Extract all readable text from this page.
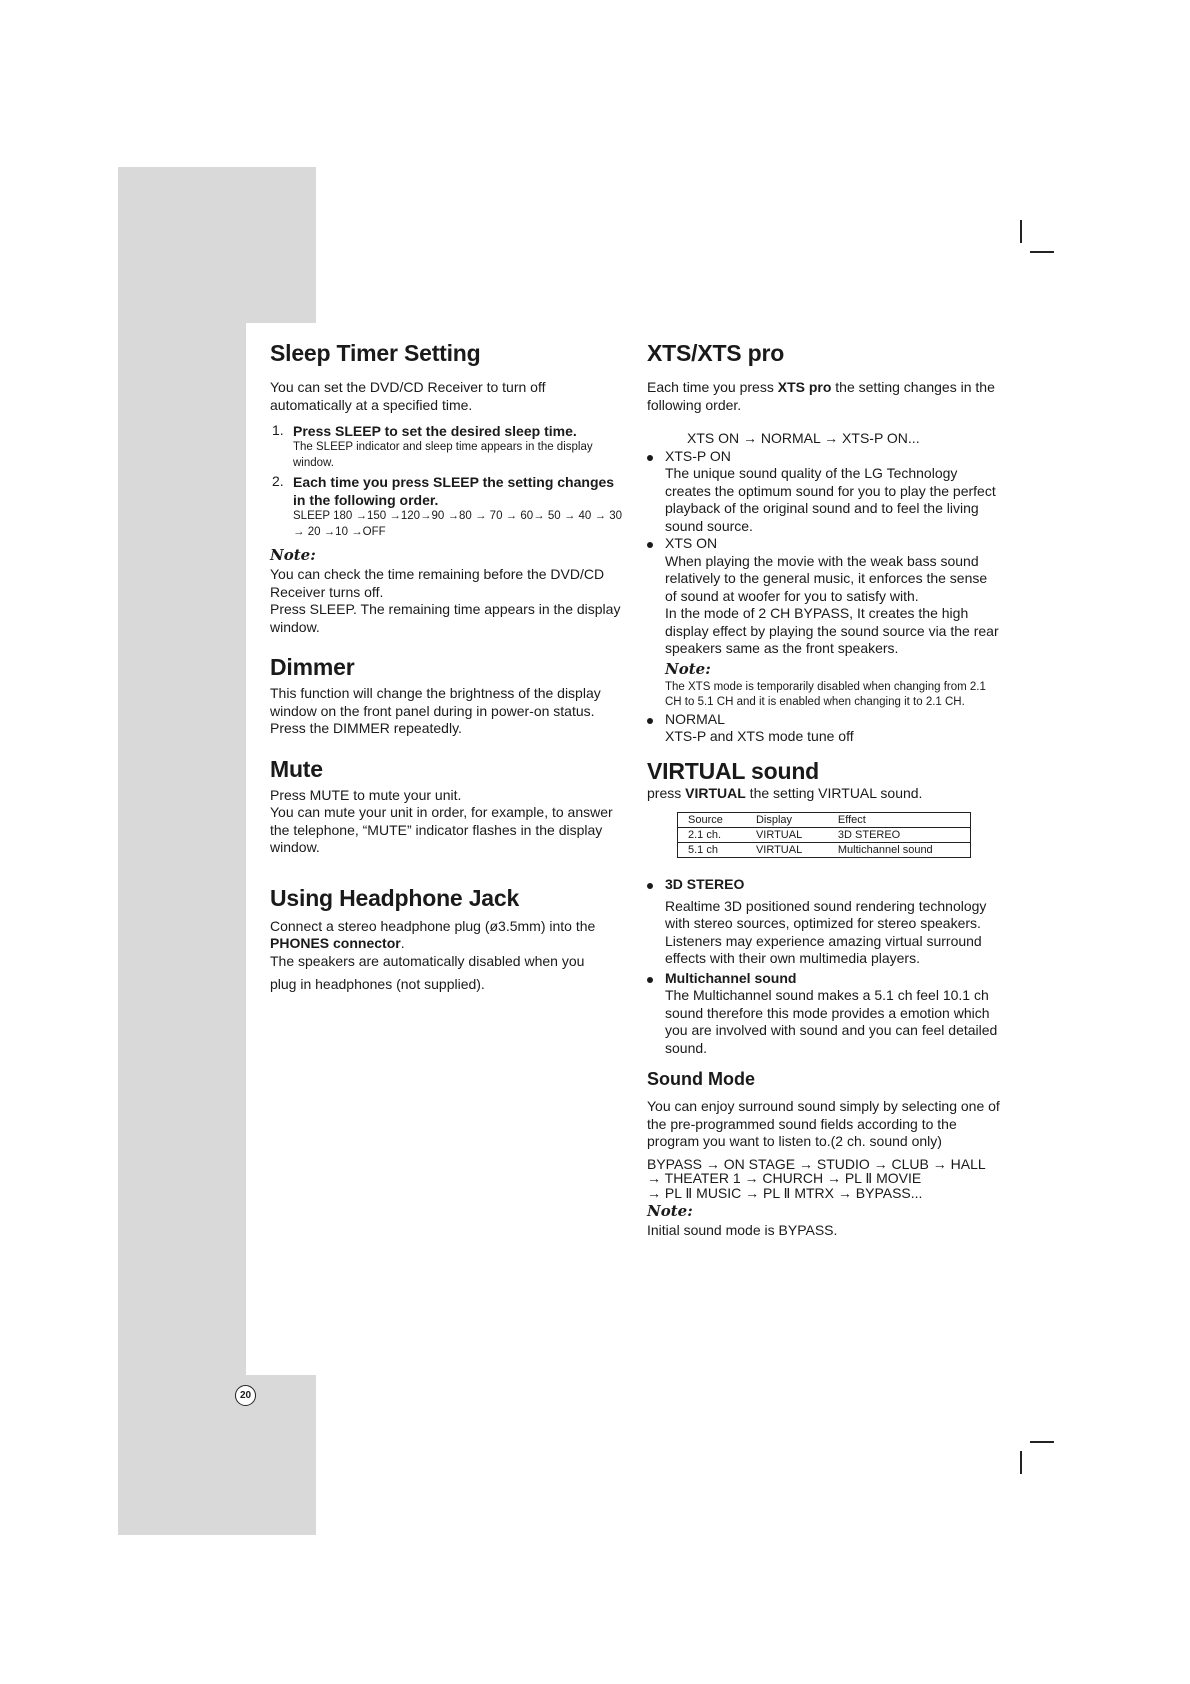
Sleep Timer Setting

You can set the DVD/CD Receiver to turn off automatically at a specified time.

1. Press SLEEP to set the desired sleep time.

The SLEEP indicator and sleep time appears in the display window.

2. Each time you press SLEEP the setting changes in the following order.

SLEEP 180 →150 →120→90 →80 → 70 → 60→ 50 → 40 → 30 → 20 →10 →OFF

Note:

You can check the time remaining before the DVD/CD Receiver turns off.

Press SLEEP. The remaining time appears in the display window.

Dimmer

This function will change the brightness of the display window on the front panel during in power-on status. Press the DIMMER repeatedly.

Mute

Press MUTE to mute your unit.

You can mute your unit in order, for example, to answer the telephone, “MUTE” indicator flashes in the display window.

Using Headphone Jack

Connect a stereo headphone plug (ø3.5mm) into the PHONES connector.

The speakers are automatically disabled when you

plug in headphones (not supplied).

XTS/XTS pro

Each time you press XTS pro the setting changes in the following order.

XTS ON → NORMAL → XTS-P ON...

XTS-P ON

The unique sound quality of the LG Technology creates the optimum sound for you to play the perfect playback of the original sound and to feel the living sound source.

XTS ON

When playing the movie with the weak bass sound relatively to the general music, it enforces the sense of sound at woofer for you to satisfy with.

In the mode of 2 CH BYPASS, It creates the high display effect by playing the sound source via the rear speakers same as the front speakers.

Note:

The XTS mode is temporarily disabled when changing from 2.1 CH to 5.1 CH and it is enabled when changing it to 2.1 CH.

NORMAL

XTS-P and XTS mode tune off

VIRTUAL sound

press VIRTUAL the setting VIRTUAL sound.

Source	Display	Effect
2.1 ch.	VIRTUAL	3D STEREO
5.1 ch	VIRTUAL	Multichannel sound
3D STEREO

Realtime 3D positioned sound rendering technology with stereo sources, optimized for stereo speakers. Listeners may experience amazing virtual surround effects with their own multimedia players.

Multichannel sound

The Multichannel sound makes a 5.1 ch feel 10.1 ch sound therefore this mode provides a emotion which you are involved with sound and you can feel detailed sound.

Sound Mode

You can enjoy surround sound simply by selecting one of the pre-programmed sound fields according to the program you want to listen to.(2 ch. sound only)

BYPASS → ON STAGE → STUDIO → CLUB → HALL

→ THEATER 1 → CHURCH → PL Ⅱ MOVIE

→ PL Ⅱ MUSIC → PL Ⅱ MTRX → BYPASS...

Note:

Initial sound mode is BYPASS.

20
